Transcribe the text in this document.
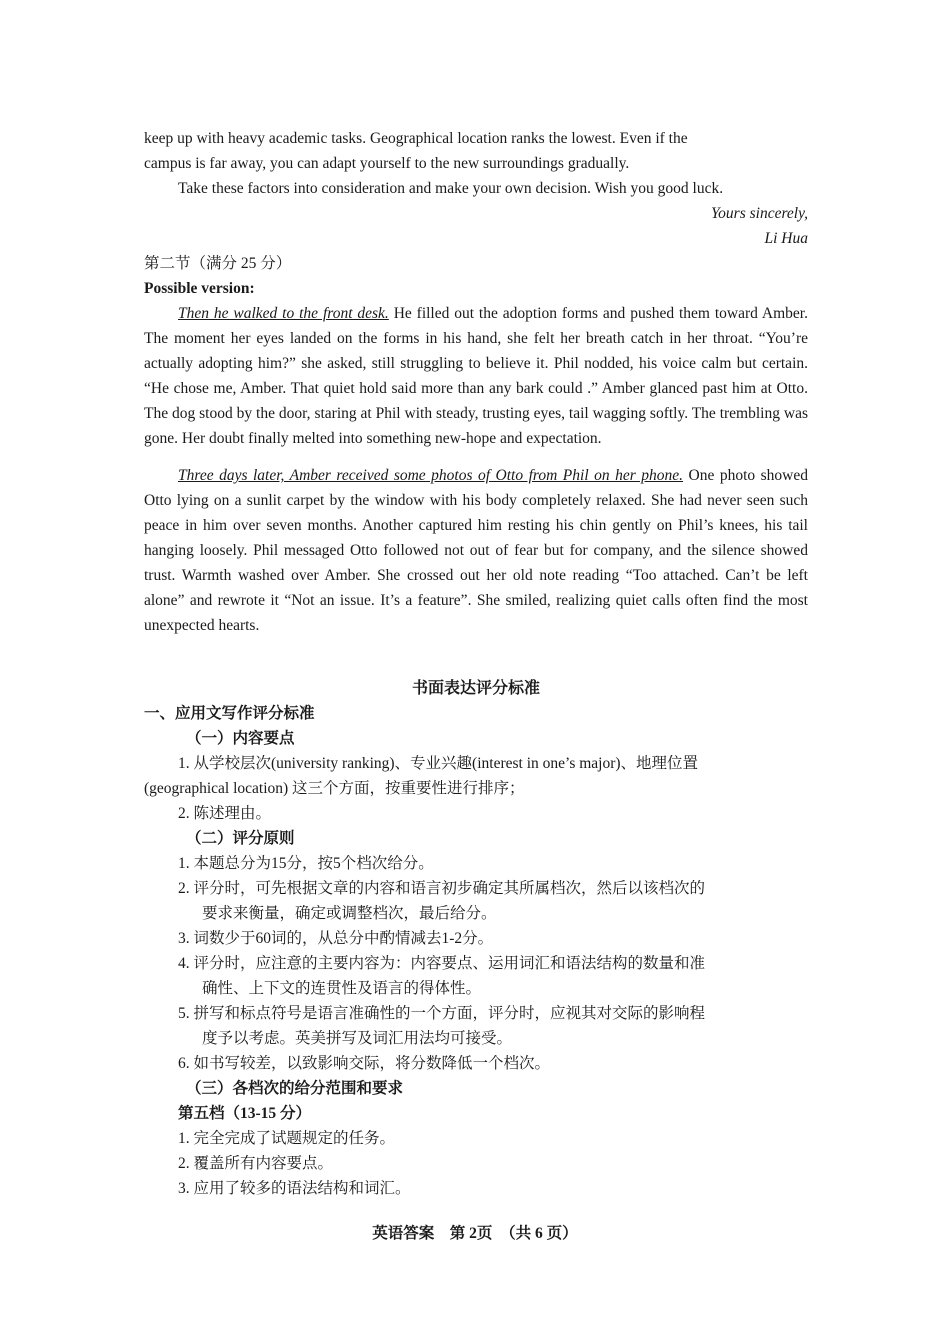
keep up with heavy academic tasks. Geographical location ranks the lowest. Even if the

campus is far away, you can adapt yourself to the new surroundings gradually.

Take these factors into consideration and make your own decision. Wish you good luck.

Yours sincerely,

Li Hua

第二节（满分 25 分）

Possible version:

Then he walked to the front desk. He filled out the adoption forms and pushed them toward Amber. The moment her eyes landed on the forms in his hand, she felt her breath catch in her throat. “You’re actually adopting him?” she asked, still struggling to believe it. Phil nodded, his voice calm but certain. “He chose me, Amber. That quiet hold said more than any bark could .” Amber glanced past him at Otto. The dog stood by the door, staring at Phil with steady, trusting eyes, tail wagging softly. The trembling was gone. Her doubt finally melted into something new-hope and expectation.

Three days later, Amber received some photos of Otto from Phil on her phone. One photo showed Otto lying on a sunlit carpet by the window with his body completely relaxed. She had never seen such peace in him over seven months. Another captured him resting his chin gently on Phil’s knees, his tail hanging loosely. Phil messaged Otto followed not out of fear but for company, and the silence showed trust. Warmth washed over Amber. She crossed out her old note reading “Too attached. Can’t be left alone” and rewrote it “Not an issue. It’s a feature”. She smiled, realizing quiet calls often find the most unexpected hearts.

书面表达评分标准

一、应用文写作评分标准

（一）内容要点

1. 从学校层次(university ranking)、专业兴趣(interest in one’s major)、地理位置

(geographical location) 这三个方面，按重要性进行排序；

2. 陈述理由。

（二）评分原则

1. 本题总分为15分，按5个档次给分。

2. 评分时，可先根据文章的内容和语言初步确定其所属档次，然后以该档次的

要求来衡量，确定或调整档次，最后给分。

3. 词数少于60词的，从总分中酌情减去1-2分。

4. 评分时，应注意的主要内容为：内容要点、运用词汇和语法结构的数量和准

确性、上下文的连贯性及语言的得体性。

5. 拼写和标点符号是语言准确性的一个方面，评分时，应视其对交际的影响程

度予以考虑。英美拼写及词汇用法均可接受。

6. 如书写较差，以致影响交际，将分数降低一个档次。

（三）各档次的给分范围和要求

第五档（13-15 分）

1. 完全完成了试题规定的任务。

2. 覆盖所有内容要点。

3. 应用了较多的语法结构和词汇。

英语答案　第 2页　（共 6 页）
